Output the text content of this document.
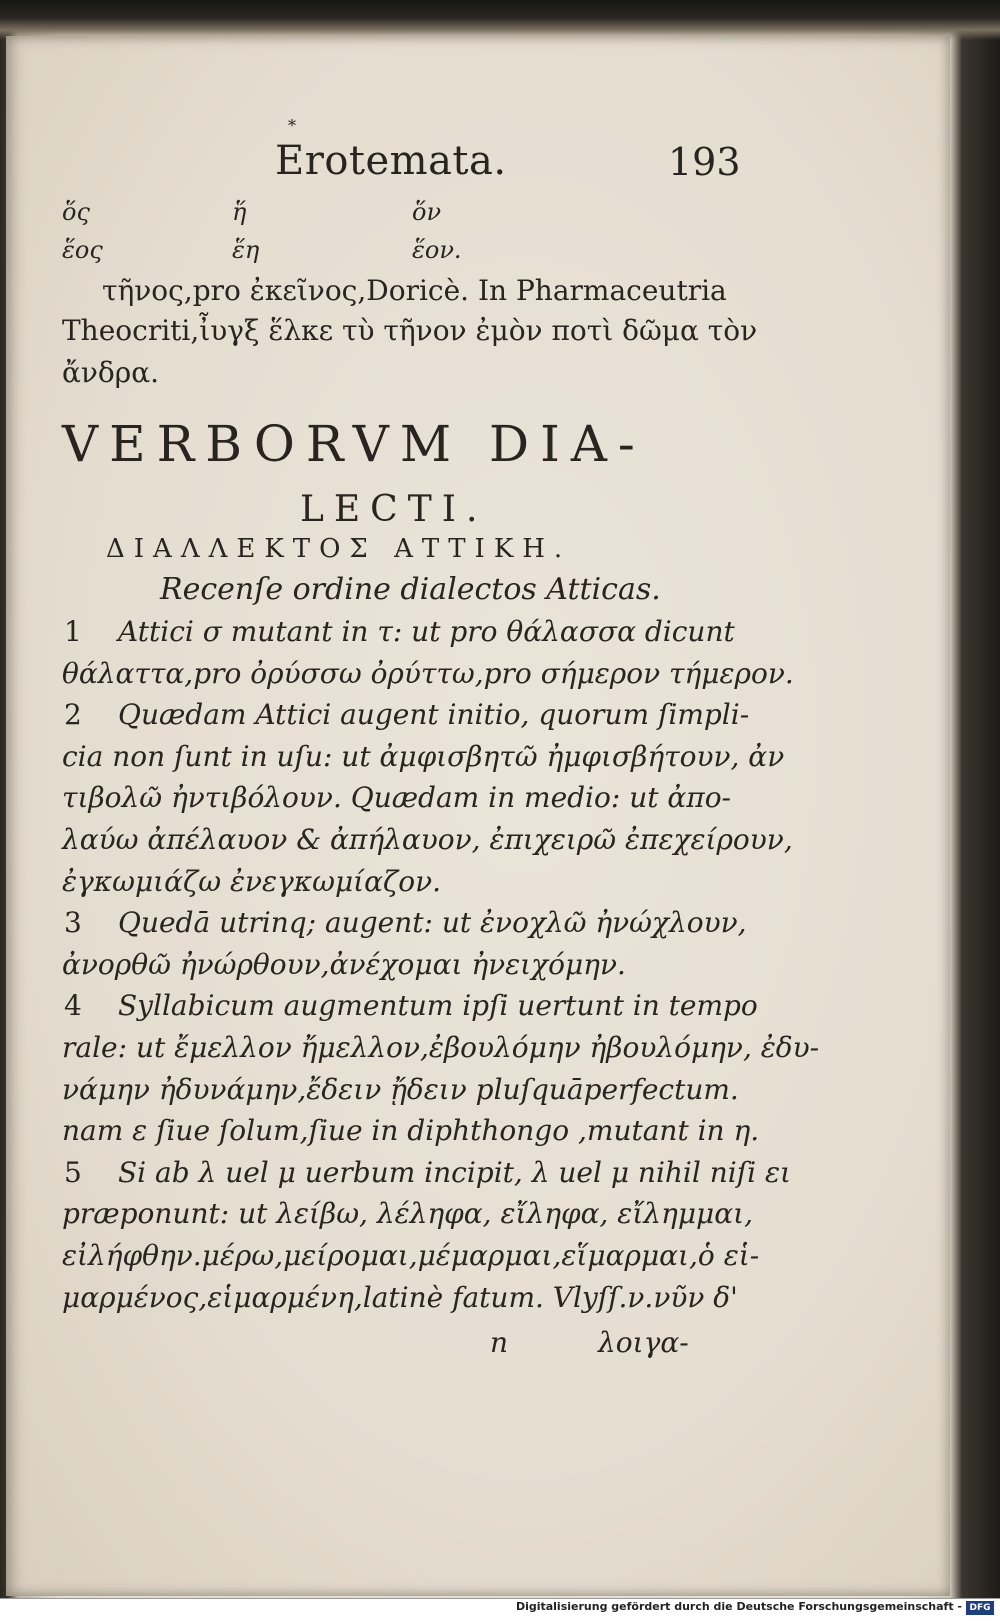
*
Erotemata.	193
ὅς	ἥ	ὅν
ἕος	ἕη	ἕον.
τῆνος,pro ἐκεῖνος,Doricè. In Pharmaceutria
Theocriti,ἶυγξ ἕλκε τὺ τῆνον ἐμὸν ποτὶ δῶμα τὸν
ἄνδρα.
VERBORVM DIA-
LECTI.
ΔΙΑΛΛΕΚΤΟΣ ΑΤΤΙΚΗ.
Recenſe ordine dialectos Atticas.
1 Attici σ mutant in τ: ut pro θάλασσα dicunt
θάλαττα,pro ὀρύσσω ὀρύττω,pro σήμερον τήμερον.
2 Quædam Attici augent initio, quorum ſimpli-
cia non ſunt in uſu: ut ἀμφισβητῶ ἠμφισβήτουν, ἀν
τιβολῶ ἠντιβόλουν. Quædam in medio: ut ἀπο-
λαύω ἀπέλαυον & ἀπήλαυον, ἐπιχειρῶ ἐπεχείρουν,
ἐγκωμιάζω ἐνεγκωμίαζον.
3 Quedā utrinq; augent: ut ἐνοχλῶ ἠνώχλουν,
ἀνορθῶ ἠνώρθουν,ἀνέχομαι ἠνειχόμην.
4 Syllabicum augmentum ipſi uertunt in tempo
rale: ut ἔμελλον ἤμελλον,ἐβουλόμην ἠβουλόμην, ἐδυ-
νάμην ἠδυνάμην,ἔδειν ᾔδειν pluſquāperfectum.
nam ε ſiue ſolum,ſiue in diphthongo ,mutant in η.
5 Si ab λ uel μ uerbum incipit, λ uel μ nihil niſi ει
præponunt: ut λείβω, λέληφα, εἴληφα, εἴλημμαι,
εἰλήφθην.μέρω,μείρομαι,μέμαρμαι,εἵμαρμαι,ὁ εἱ-
μαρμένος,εἱμαρμένη,latinè fatum. Vlyſſ.ν.νῦν δ'
n	λοιγα-
Digitalisierung gefördert durch die Deutsche Forschungsgemeinschaft - DFG
